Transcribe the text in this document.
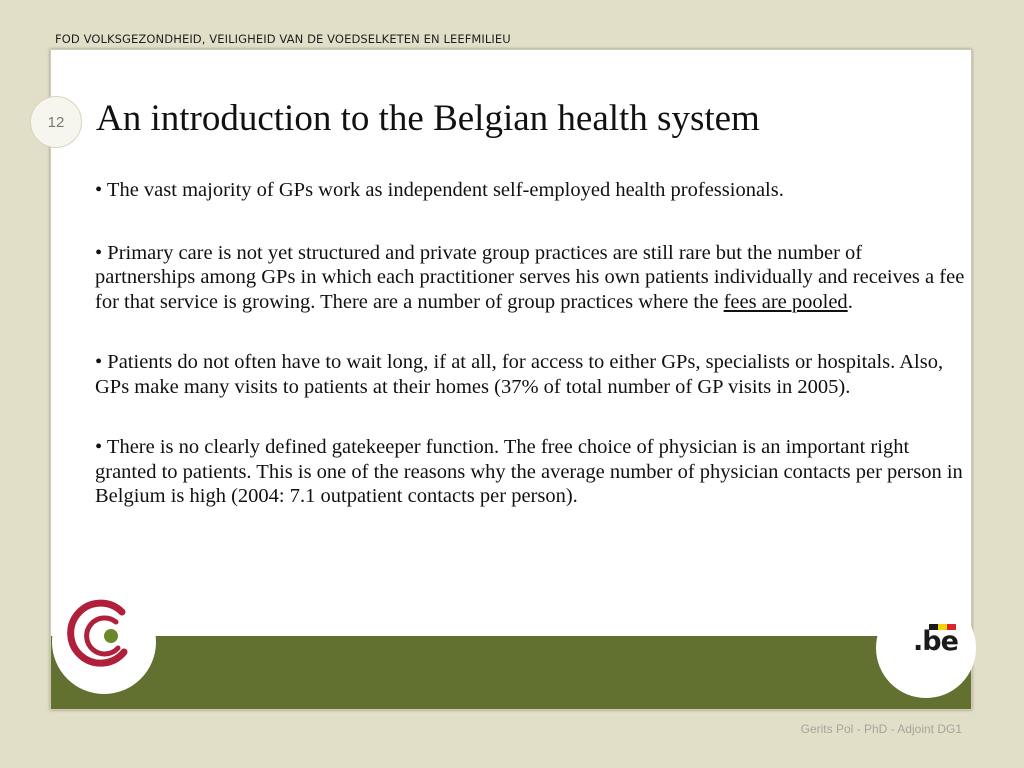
FOD VOLKSGEZONDHEID, VEILIGHEID VAN DE VOEDSELKETEN EN LEEFMILIEU
.be
12 An introduction to the Belgian health system

• The vast majority of GPs work as independent self-employed health professionals.

• Primary care is not yet structured and private group practices are still rare but the number of partnerships among GPs in which each practitioner serves his own patients individually and receives a fee for that service is growing. There are a number of group practices where the fees are pooled.

• Patients do not often have to wait long, if at all, for access to either GPs, specialists or hospitals. Also, GPs make many visits to patients at their homes (37% of total number of GP visits in 2005).

• There is no clearly defined gatekeeper function. The free choice of physician is an important right granted to patients. This is one of the reasons why the average number of physician contacts per person in Belgium is high (2004: 7.1 outpatient contacts per person).

Gerits Pol - PhD - Adjoint DG1
